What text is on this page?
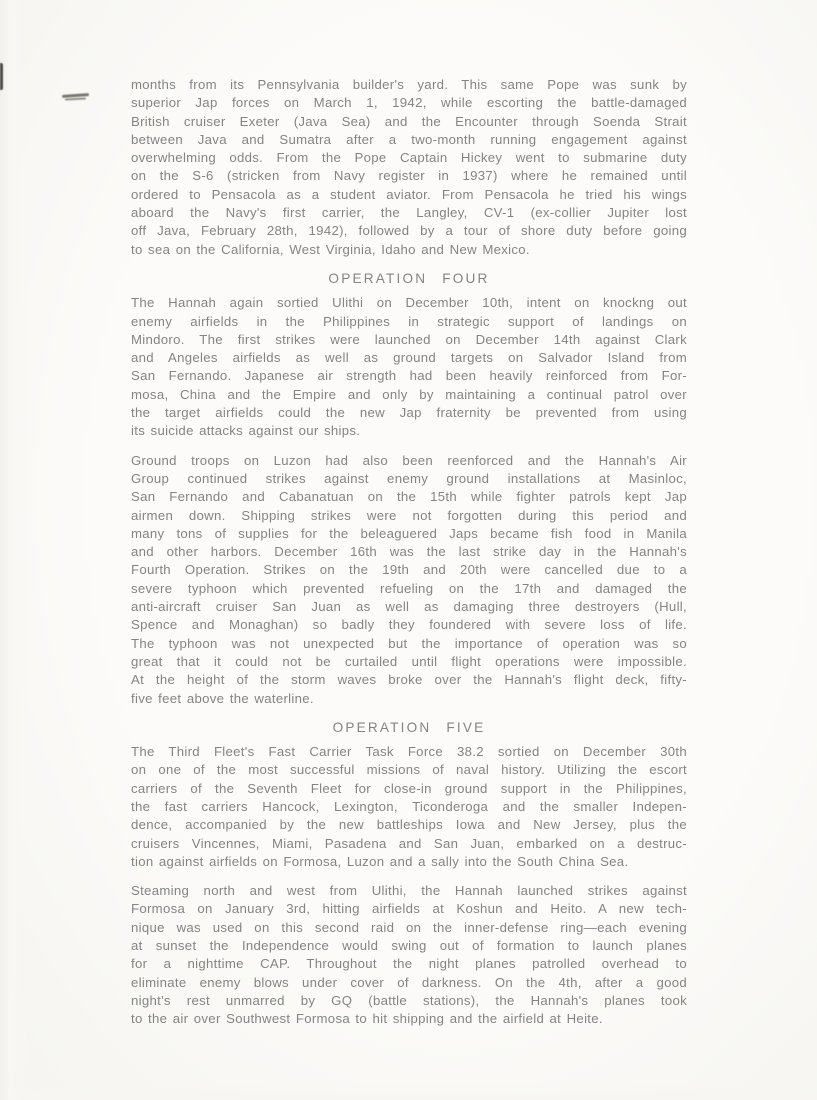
months from its Pennsylvania builder's yard. This same Pope was sunk by
superior Jap forces on March 1, 1942, while escorting the battle-damaged
British cruiser Exeter (Java Sea) and the Encounter through Soenda Strait
between Java and Sumatra after a two-month running engagement against
overwhelming odds. From the Pope Captain Hickey went to submarine duty
on the S-6 (stricken from Navy register in 1937) where he remained until
ordered to Pensacola as a student aviator. From Pensacola he tried his wings
aboard the Navy's first carrier, the Langley, CV-1 (ex-collier Jupiter lost
off Java, February 28th, 1942), followed by a tour of shore duty before going
to sea on the California, West Virginia, Idaho and New Mexico.
OPERATION FOUR
The Hannah again sortied Ulithi on December 10th, intent on knockng out
enemy airfields in the Philippines in strategic support of landings on
Mindoro. The first strikes were launched on December 14th against Clark
and Angeles airfields as well as ground targets on Salvador Island from
San Fernando. Japanese air strength had been heavily reinforced from For-
mosa, China and the Empire and only by maintaining a continual patrol over
the target airfields could the new Jap fraternity be prevented from using
its suicide attacks against our ships.
Ground troops on Luzon had also been reenforced and the Hannah's Air
Group continued strikes against enemy ground installations at Masinloc,
San Fernando and Cabanatuan on the 15th while fighter patrols kept Jap
airmen down. Shipping strikes were not forgotten during this period and
many tons of supplies for the beleaguered Japs became fish food in Manila
and other harbors. December 16th was the last strike day in the Hannah's
Fourth Operation. Strikes on the 19th and 20th were cancelled due to a
severe typhoon which prevented refueling on the 17th and damaged the
anti-aircraft cruiser San Juan as well as damaging three destroyers (Hull,
Spence and Monaghan) so badly they foundered with severe loss of life.
The typhoon was not unexpected but the importance of operation was so
great that it could not be curtailed until flight operations were impossible.
At the height of the storm waves broke over the Hannah's flight deck, fifty-
five feet above the waterline.
OPERATION FIVE
The Third Fleet's Fast Carrier Task Force 38.2 sortied on December 30th
on one of the most successful missions of naval history. Utilizing the escort
carriers of the Seventh Fleet for close-in ground support in the Philippines,
the fast carriers Hancock, Lexington, Ticonderoga and the smaller Indepen-
dence, accompanied by the new battleships Iowa and New Jersey, plus the
cruisers Vincennes, Miami, Pasadena and San Juan, embarked on a destruc-
tion against airfields on Formosa, Luzon and a sally into the South China Sea.
Steaming north and west from Ulithi, the Hannah launched strikes against
Formosa on January 3rd, hitting airfields at Koshun and Heito. A new tech-
nique was used on this second raid on the inner-defense ring—each evening
at sunset the Independence would swing out of formation to launch planes
for a nighttime CAP. Throughout the night planes patrolled overhead to
eliminate enemy blows under cover of darkness. On the 4th, after a good
night's rest unmarred by GQ (battle stations), the Hannah's planes took
to the air over Southwest Formosa to hit shipping and the airfield at Heite.
